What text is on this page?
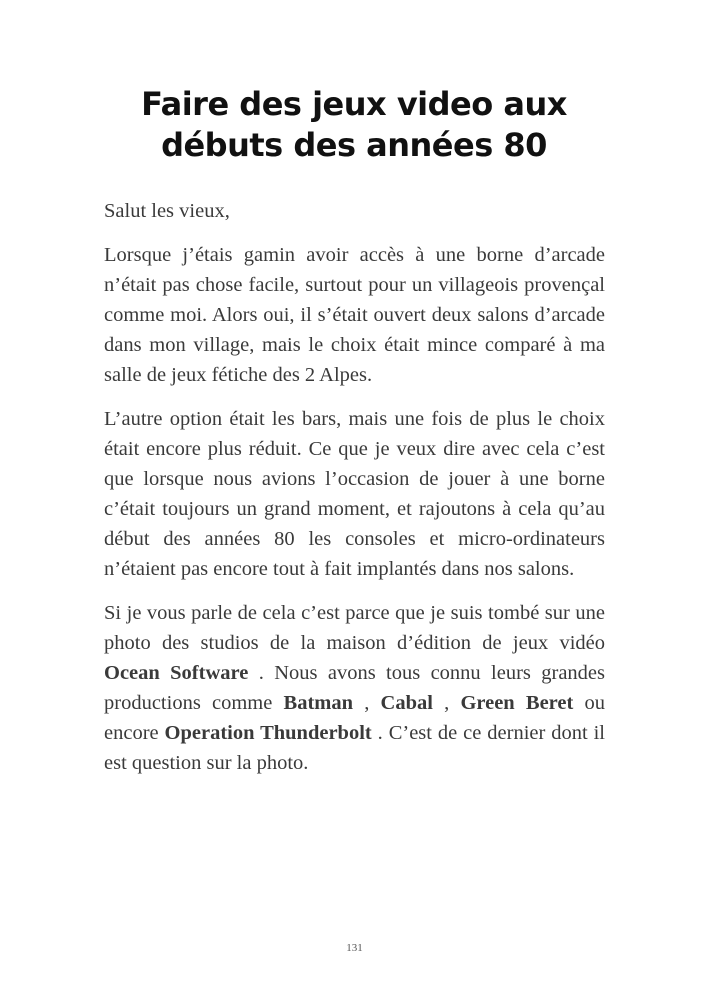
Faire des jeux video aux
débuts des années 80

Salut les vieux,

Lorsque j’étais gamin avoir accès à une borne d’arcade n’était pas chose facile, surtout pour un villageois provençal comme moi. Alors oui, il s’était ouvert deux salons d’arcade dans mon village, mais le choix était mince comparé à ma salle de jeux fétiche des 2 Alpes.

L’autre option était les bars, mais une fois de plus le choix était encore plus réduit. Ce que je veux dire avec cela c’est que lorsque nous avions l’occasion de jouer à une borne c’était toujours un grand moment, et rajoutons à cela qu’au début des années 80 les consoles et micro-ordinateurs n’étaient pas encore tout à fait implantés dans nos salons.

Si je vous parle de cela c’est parce que je suis tombé sur une photo des studios de la maison d’édition de jeux vidéo Ocean Software . Nous avons tous connu leurs grandes productions comme Batman , Cabal , Green Beret ou encore Operation Thunderbolt . C’est de ce dernier dont il est question sur la photo.

131
